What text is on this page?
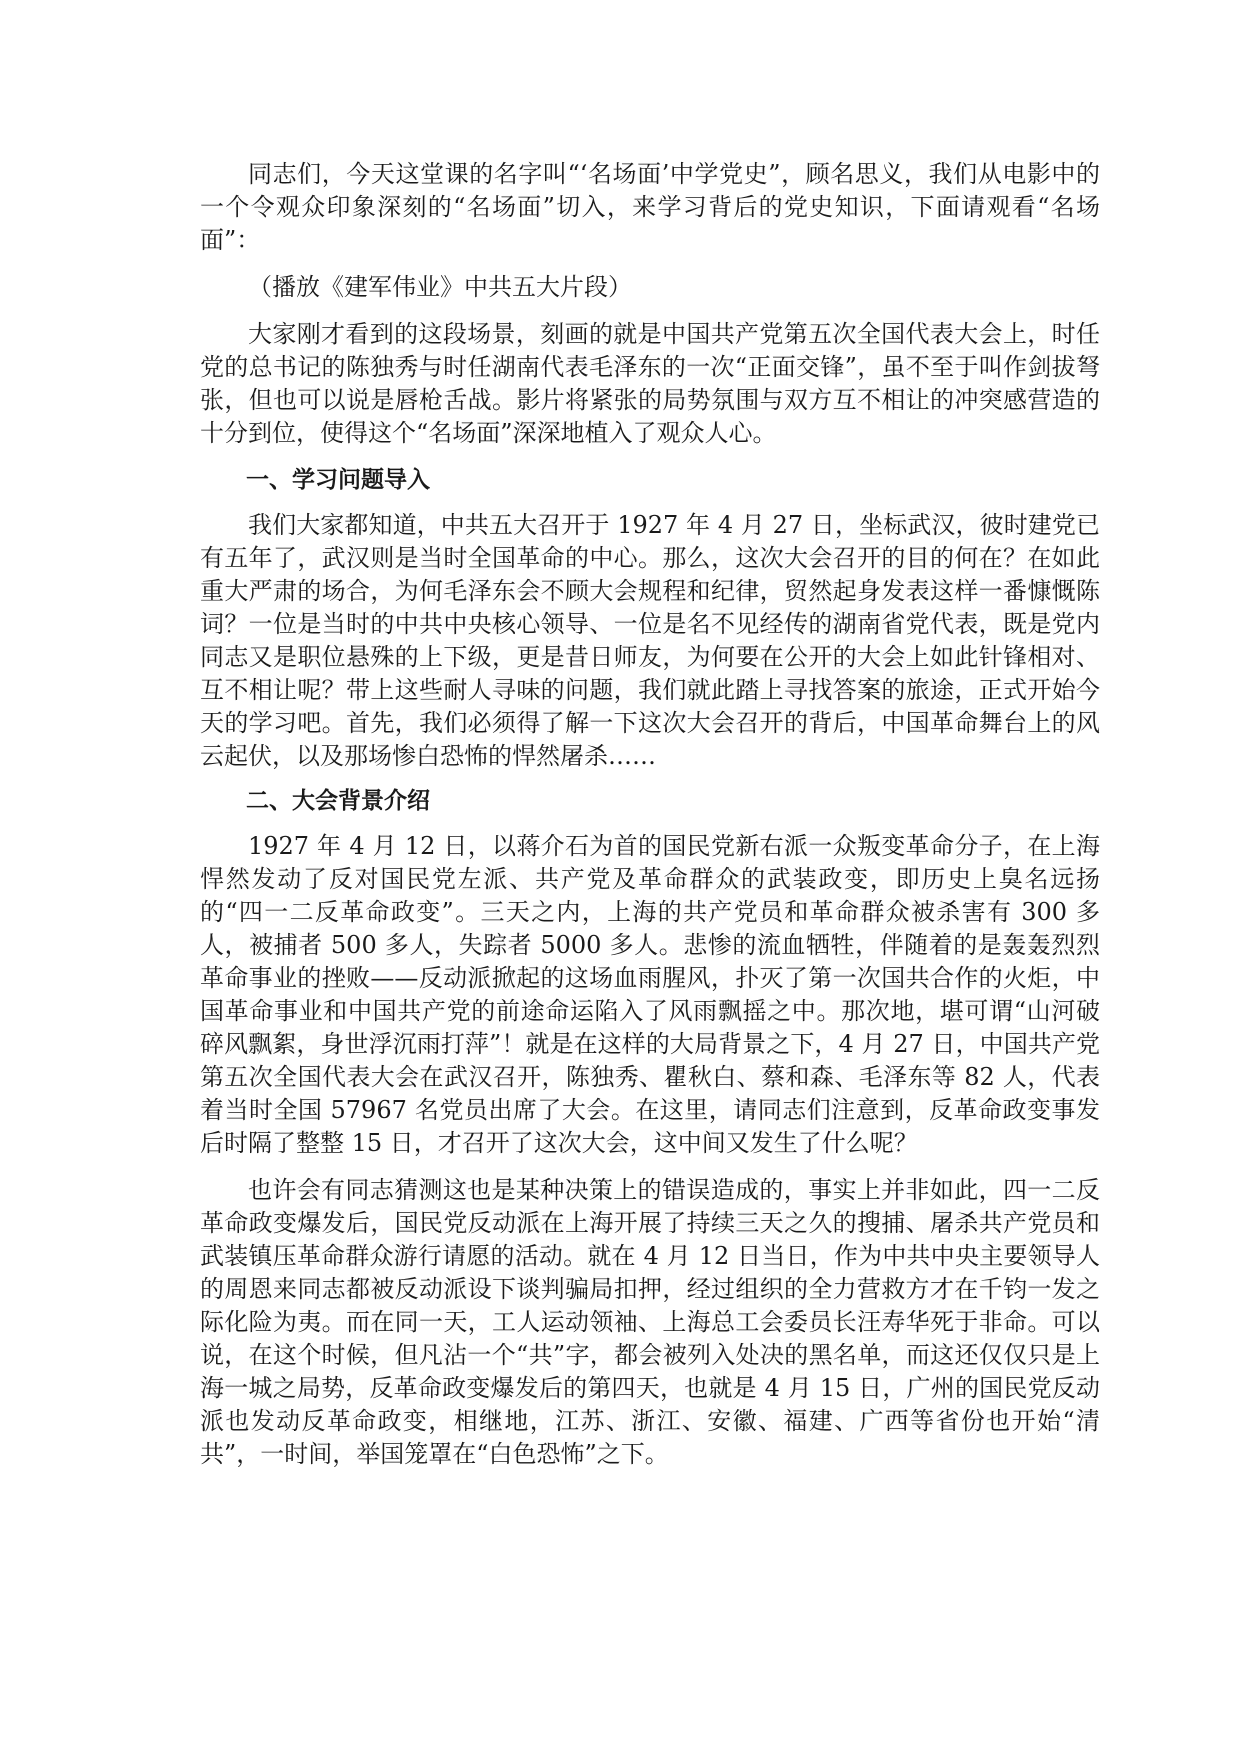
同志们，今天这堂课的名字叫“‘名场面’中学党史”，顾名思义，我们从电影中的一个令观众印象深刻的“名场面”切入，来学习背后的党史知识，下面请观看“名场面”：

（播放《建军伟业》中共五大片段）

大家刚才看到的这段场景，刻画的就是中国共产党第五次全国代表大会上，时任党的总书记的陈独秀与时任湖南代表毛泽东的一次“正面交锋”，虽不至于叫作剑拔弩张，但也可以说是唇枪舌战。影片将紧张的局势氛围与双方互不相让的冲突感营造的十分到位，使得这个“名场面”深深地植入了观众人心。

一、学习问题导入

我们大家都知道，中共五大召开于 1927 年 4 月 27 日，坐标武汉，彼时建党已有五年了，武汉则是当时全国革命的中心。那么，这次大会召开的目的何在？在如此重大严肃的场合，为何毛泽东会不顾大会规程和纪律，贸然起身发表这样一番慷慨陈词？一位是当时的中共中央核心领导、一位是名不见经传的湖南省党代表，既是党内同志又是职位悬殊的上下级，更是昔日师友，为何要在公开的大会上如此针锋相对、互不相让呢？带上这些耐人寻味的问题，我们就此踏上寻找答案的旅途，正式开始今天的学习吧。首先，我们必须得了解一下这次大会召开的背后，中国革命舞台上的风云起伏，以及那场惨白恐怖的悍然屠杀……

二、大会背景介绍

1927 年 4 月 12 日，以蒋介石为首的国民党新右派一众叛变革命分子，在上海悍然发动了反对国民党左派、共产党及革命群众的武装政变，即历史上臭名远扬的“四一二反革命政变”。三天之内，上海的共产党员和革命群众被杀害有 300 多人，被捕者 500 多人，失踪者 5000 多人。悲惨的流血牺牲，伴随着的是轰轰烈烈革命事业的挫败——反动派掀起的这场血雨腥风，扑灭了第一次国共合作的火炬，中国革命事业和中国共产党的前途命运陷入了风雨飘摇之中。那次地，堪可谓“山河破碎风飘絮，身世浮沉雨打萍”！就是在这样的大局背景之下，4 月 27 日，中国共产党第五次全国代表大会在武汉召开，陈独秀、瞿秋白、蔡和森、毛泽东等 82 人，代表着当时全国 57967 名党员出席了大会。在这里，请同志们注意到，反革命政变事发后时隔了整整 15 日，才召开了这次大会，这中间又发生了什么呢？

也许会有同志猜测这也是某种决策上的错误造成的，事实上并非如此，四一二反革命政变爆发后，国民党反动派在上海开展了持续三天之久的搜捕、屠杀共产党员和武装镇压革命群众游行请愿的活动。就在 4 月 12 日当日，作为中共中央主要领导人的周恩来同志都被反动派设下谈判骗局扣押，经过组织的全力营救方才在千钧一发之际化险为夷。而在同一天，工人运动领袖、上海总工会委员长汪寿华死于非命。可以说，在这个时候，但凡沾一个“共”字，都会被列入处决的黑名单，而这还仅仅只是上海一城之局势，反革命政变爆发后的第四天，也就是 4 月 15 日，广州的国民党反动派也发动反革命政变，相继地，江苏、浙江、安徽、福建、广西等省份也开始“清共”，一时间，举国笼罩在“白色恐怖”之下。
